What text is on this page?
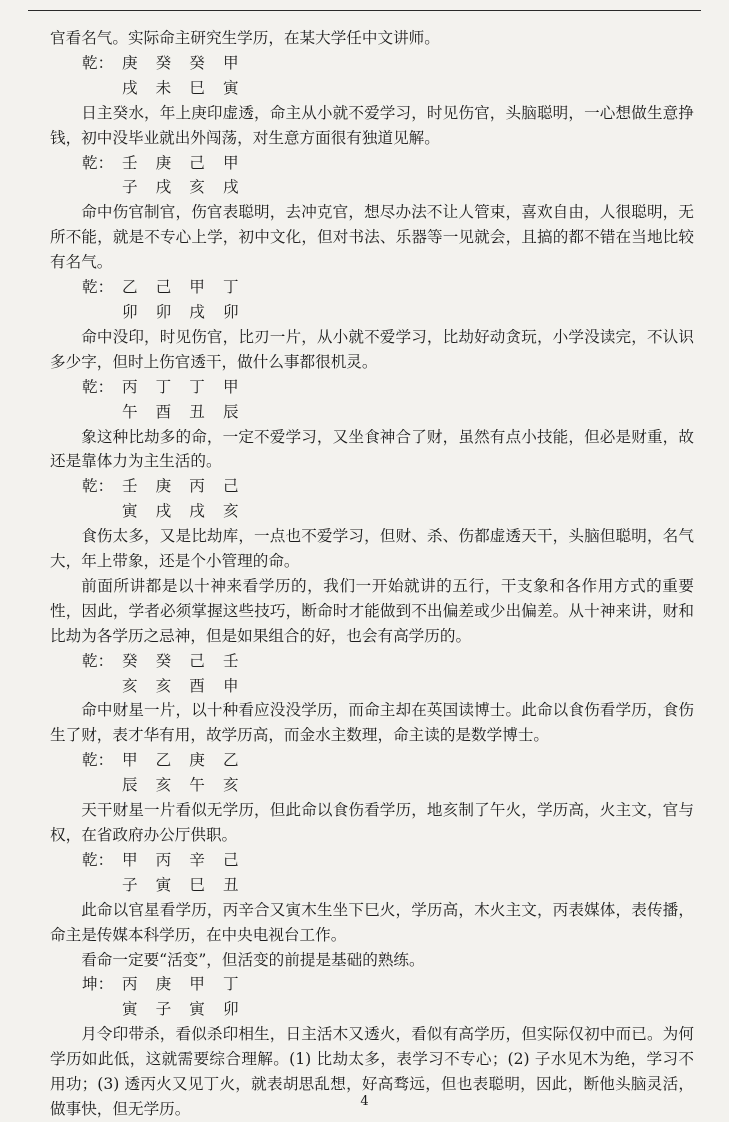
官看名气。实际命主研究生学历，在某大学任中文讲师。

乾： 庚 癸 癸 甲

戌 未 巳 寅

日主癸水，年上庚印虚透，命主从小就不爱学习，时见伤官，头脑聪明，一心想做生意挣钱，初中没毕业就出外闯荡，对生意方面很有独道见解。

乾： 壬 庚 己 甲

子 戌 亥 戌

命中伤官制官，伤官表聪明，去冲克官，想尽办法不让人管束，喜欢自由，人很聪明，无所不能，就是不专心上学，初中文化，但对书法、乐器等一见就会，且搞的都不错在当地比较有名气。

乾： 乙 己 甲 丁

卯 卯 戌 卯

命中没印，时见伤官，比刃一片，从小就不爱学习，比劫好动贪玩，小学没读完，不认识多少字，但时上伤官透干，做什么事都很机灵。

乾： 丙 丁 丁 甲

午 酉 丑 辰

象这种比劫多的命，一定不爱学习，又坐食神合了财，虽然有点小技能，但必是财重，故还是靠体力为主生活的。

乾： 壬 庚 丙 己

寅 戌 戌 亥

食伤太多，又是比劫库，一点也不爱学习，但财、杀、伤都虚透天干，头脑但聪明，名气大，年上带象，还是个小管理的命。

前面所讲都是以十神来看学历的，我们一开始就讲的五行，干支象和各作用方式的重要性，因此，学者必须掌握这些技巧，断命时才能做到不出偏差或少出偏差。从十神来讲，财和比劫为各学历之忌神，但是如果组合的好，也会有高学历的。

乾： 癸 癸 己 壬

亥 亥 酉 申

命中财星一片，以十种看应没没学历，而命主却在英国读博士。此命以食伤看学历，食伤生了财，表才华有用，故学历高，而金水主数理，命主读的是数学博士。

乾： 甲 乙 庚 乙

辰 亥 午 亥

天干财星一片看似无学历，但此命以食伤看学历，地亥制了午火，学历高，火主文，官与权，在省政府办公厅供职。

乾： 甲 丙 辛 己

子 寅 巳 丑

此命以官星看学历，丙辛合又寅木生坐下巳火，学历高，木火主文，丙表媒体，表传播，命主是传媒本科学历，在中央电视台工作。

看命一定要“活变”，但活变的前提是基础的熟练。

坤： 丙 庚 甲 丁

寅 子 寅 卯

月令印带杀，看似杀印相生，日主活木又透火，看似有高学历，但实际仅初中而已。为何学历如此低，这就需要综合理解。(1) 比劫太多，表学习不专心；(2) 子水见木为绝，学习不用功；(3) 透丙火又见丁火，就表胡思乱想，好高骛远，但也表聪明，因此，断他头脑灵活，做事快，但无学历。	4
